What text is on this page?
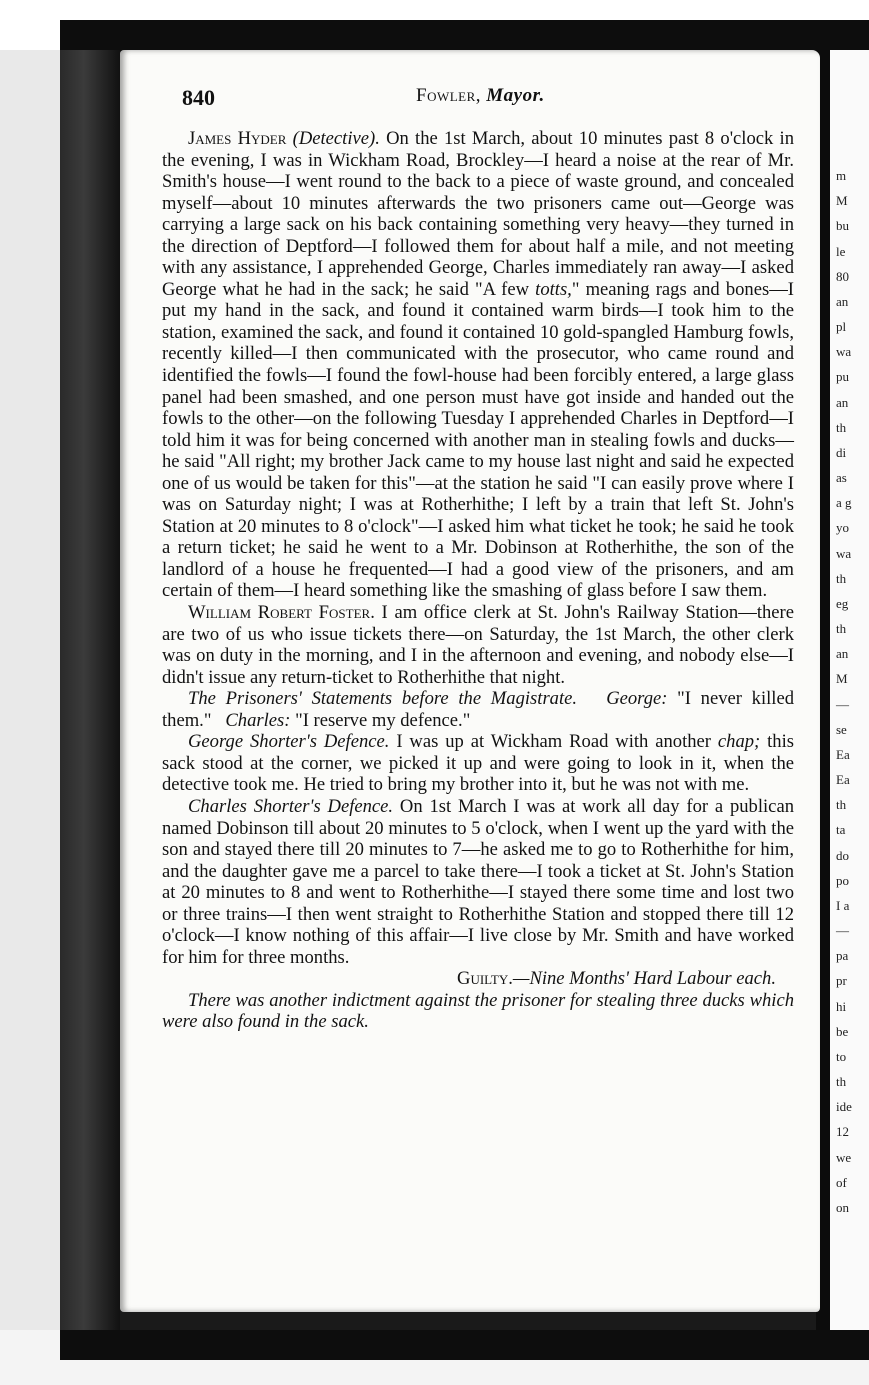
m
M
bu
le
80
an
pl
wa
pu
an
th
di
as
a g
yo
wa
th
eg
th
an
M
—
se
Ea
Ea
th
ta
do
po
I a
—
pa
pr
hi
be
to
th
ide
12
we
of
on
840	Fowler, Mayor.

James Hyder (Detective). On the 1st March, about 10 minutes past 8 o'clock in the evening, I was in Wickham Road, Brockley—I heard a noise at the rear of Mr. Smith's house—I went round to the back to a piece of waste ground, and concealed myself—about 10 minutes afterwards the two prisoners came out—George was carrying a large sack on his back containing something very heavy—they turned in the direction of Deptford—I followed them for about half a mile, and not meeting with any assistance, I apprehended George, Charles immediately ran away—I asked George what he had in the sack; he said "A few totts," meaning rags and bones—I put my hand in the sack, and found it contained warm birds—I took him to the station, examined the sack, and found it contained 10 gold-spangled Hamburg fowls, recently killed—I then communicated with the prosecutor, who came round and identified the fowls—I found the fowl-house had been forcibly entered, a large glass panel had been smashed, and one person must have got inside and handed out the fowls to the other—on the following Tuesday I apprehended Charles in Deptford—I told him it was for being concerned with another man in stealing fowls and ducks—he said "All right; my brother Jack came to my house last night and said he expected one of us would be taken for this"—at the station he said "I can easily prove where I was on Saturday night; I was at Rotherhithe; I left by a train that left St. John's Station at 20 minutes to 8 o'clock"—I asked him what ticket he took; he said he took a return ticket; he said he went to a Mr. Dobinson at Rotherhithe, the son of the landlord of a house he frequented—I had a good view of the prisoners, and am certain of them—I heard something like the smashing of glass before I saw them.

William Robert Foster. I am office clerk at St. John's Railway Station—there are two of us who issue tickets there—on Saturday, the 1st March, the other clerk was on duty in the morning, and I in the afternoon and evening, and nobody else—I didn't issue any return-ticket to Rotherhithe that night.

The Prisoners' Statements before the Magistrate. George: "I never killed them." Charles: "I reserve my defence."

George Shorter's Defence. I was up at Wickham Road with another chap; this sack stood at the corner, we picked it up and were going to look in it, when the detective took me. He tried to bring my brother into it, but he was not with me.

Charles Shorter's Defence. On 1st March I was at work all day for a publican named Dobinson till about 20 minutes to 5 o'clock, when I went up the yard with the son and stayed there till 20 minutes to 7—he asked me to go to Rotherhithe for him, and the daughter gave me a parcel to take there—I took a ticket at St. John's Station at 20 minutes to 8 and went to Rotherhithe—I stayed there some time and lost two or three trains—I then went straight to Rotherhithe Station and stopped there till 12 o'clock—I know nothing of this affair—I live close by Mr. Smith and have worked for him for three months.

Guilty.—Nine Months' Hard Labour each.

There was another indictment against the prisoner for stealing three ducks which were also found in the sack.
